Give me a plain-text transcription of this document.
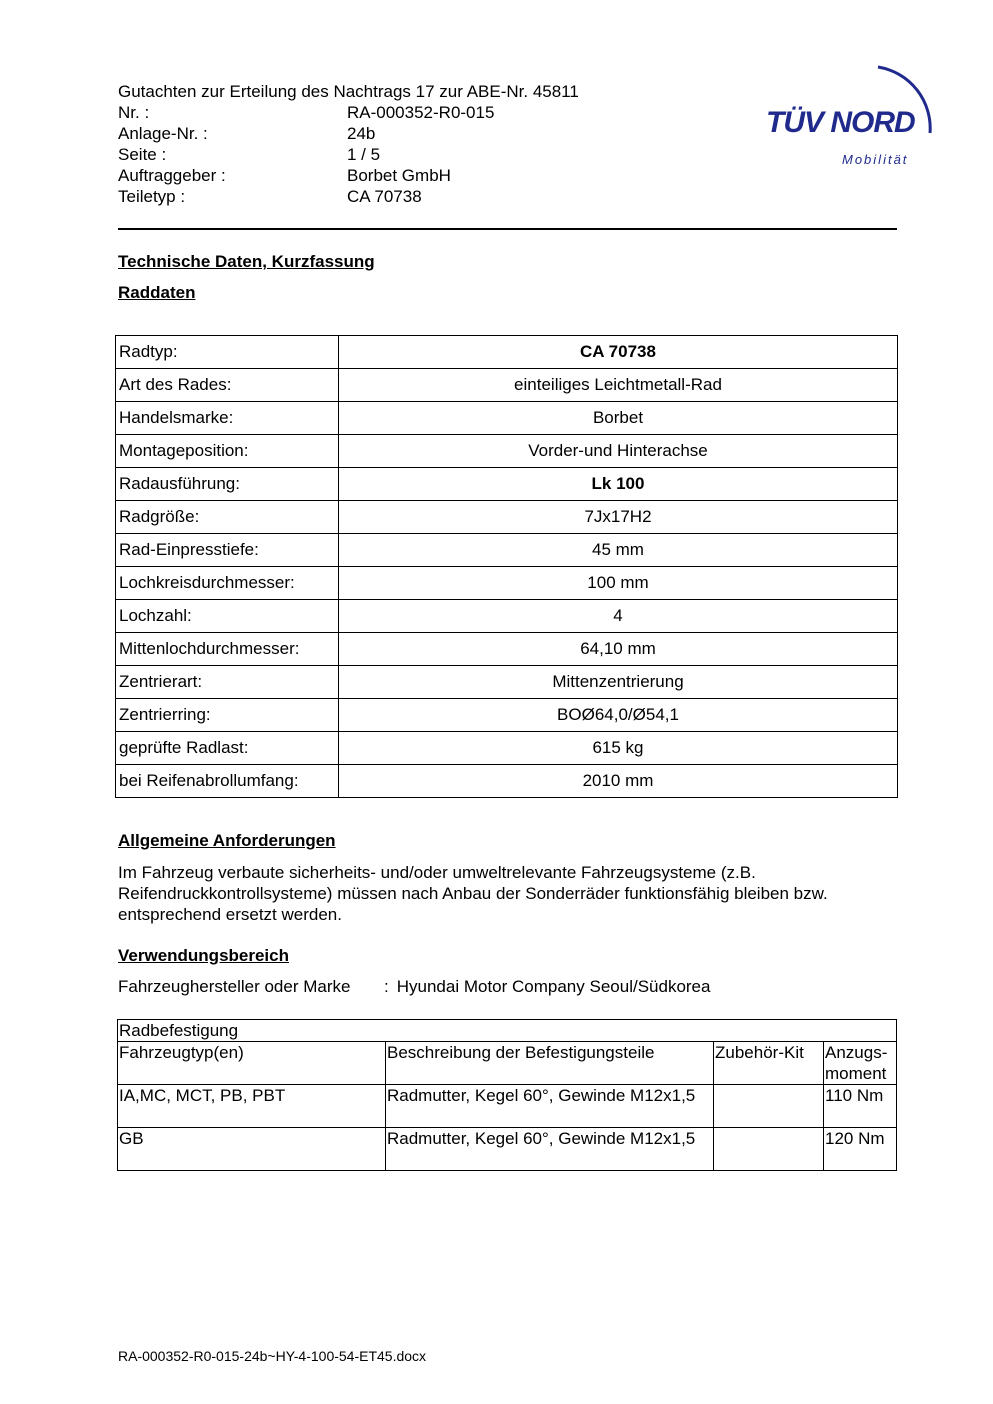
Gutachten zur Erteilung des Nachtrags 17 zur ABE-Nr. 45811
Nr. :	RA-000352-R0-015
Anlage-Nr. :	24b
Seite :	1 / 5
Auftraggeber :	Borbet GmbH
Teiletyp :	CA 70738
TÜV NORD
Mobilität
Technische Daten, Kurzfassung
Raddaten
Radtyp:	CA 70738
Art des Rades:	einteiliges Leichtmetall-Rad
Handelsmarke:	Borbet
Montageposition:	Vorder-und Hinterachse
Radausführung:	Lk 100
Radgröße:	7Jx17H2
Rad-Einpresstiefe:	45 mm
Lochkreisdurchmesser:	100 mm
Lochzahl:	4
Mittenlochdurchmesser:	64,10 mm
Zentrierart:	Mittenzentrierung
Zentrierring:	BOØ64,0/Ø54,1
geprüfte Radlast:	615 kg
bei Reifenabrollumfang:	2010 mm
Allgemeine Anforderungen
Im Fahrzeug verbaute sicherheits- und/oder umweltrelevante Fahrzeugsysteme (z.B. Reifendruckkontrollsysteme) müssen nach Anbau der Sonderräder funktionsfähig bleiben bzw. entsprechend ersetzt werden.
Verwendungsbereich
Fahrzeughersteller oder Marke : Hyundai Motor Company Seoul/Südkorea
Radbefestigung			
Fahrzeugtyp(en)	Beschreibung der Befestigungsteile	Zubehör-Kit	Anzugs-
moment
IA,MC, MCT, PB, PBT	Radmutter, Kegel 60°, Gewinde M12x1,5		110 Nm
GB	Radmutter, Kegel 60°, Gewinde M12x1,5		120 Nm
RA-000352-R0-015-24b~HY-4-100-54-ET45.docx
